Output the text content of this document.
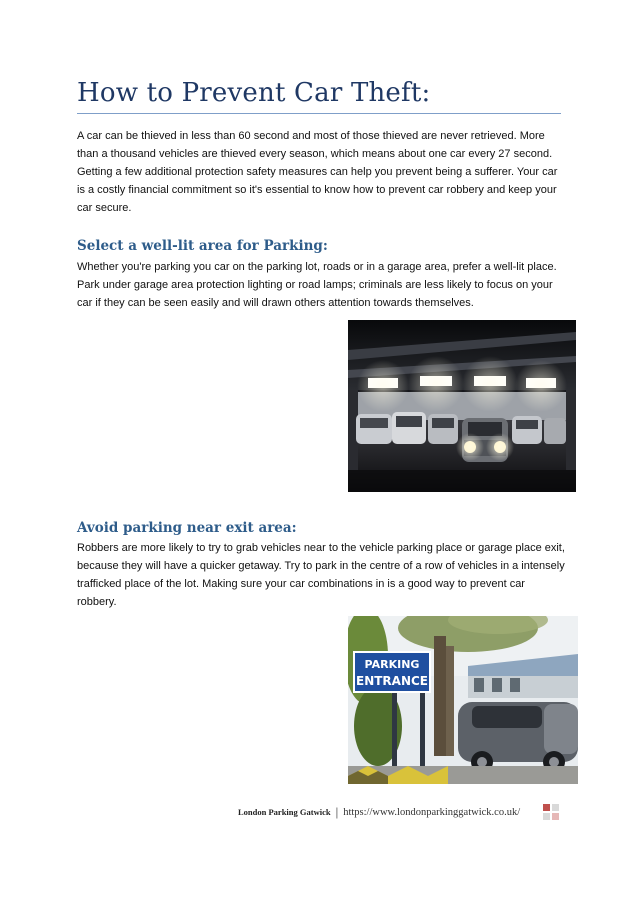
How to Prevent Car Theft:
A car can be thieved in less than 60 second and most of those thieved are never retrieved. More
than a thousand vehicles are thieved every season, which means about one car every 27 second.
Getting a few additional protection safety measures can help you prevent being a sufferer. Your car
is a costly financial commitment so it's essential to know how to prevent car robbery and keep your
car secure.
Select a well-lit area for Parking:
Whether you're parking you car on the parking lot, roads or in a garage area, prefer a well-lit place.
Park under garage area protection lighting or road lamps; criminals are less likely to focus on your
car if they can be seen easily and will drawn others attention towards themselves.
Avoid parking near exit area:
Robbers are more likely to try to grab vehicles near to the vehicle parking place or garage place exit,
because they will have a quicker getaway. Try to park in the centre of a row of vehicles in a intensely
trafficked place of the lot. Making sure your car combinations in is a good way to prevent car
robbery.
PARKING
ENTRANCE
London Parking Gatwick | https://www.londonparkinggatwick.co.uk/
